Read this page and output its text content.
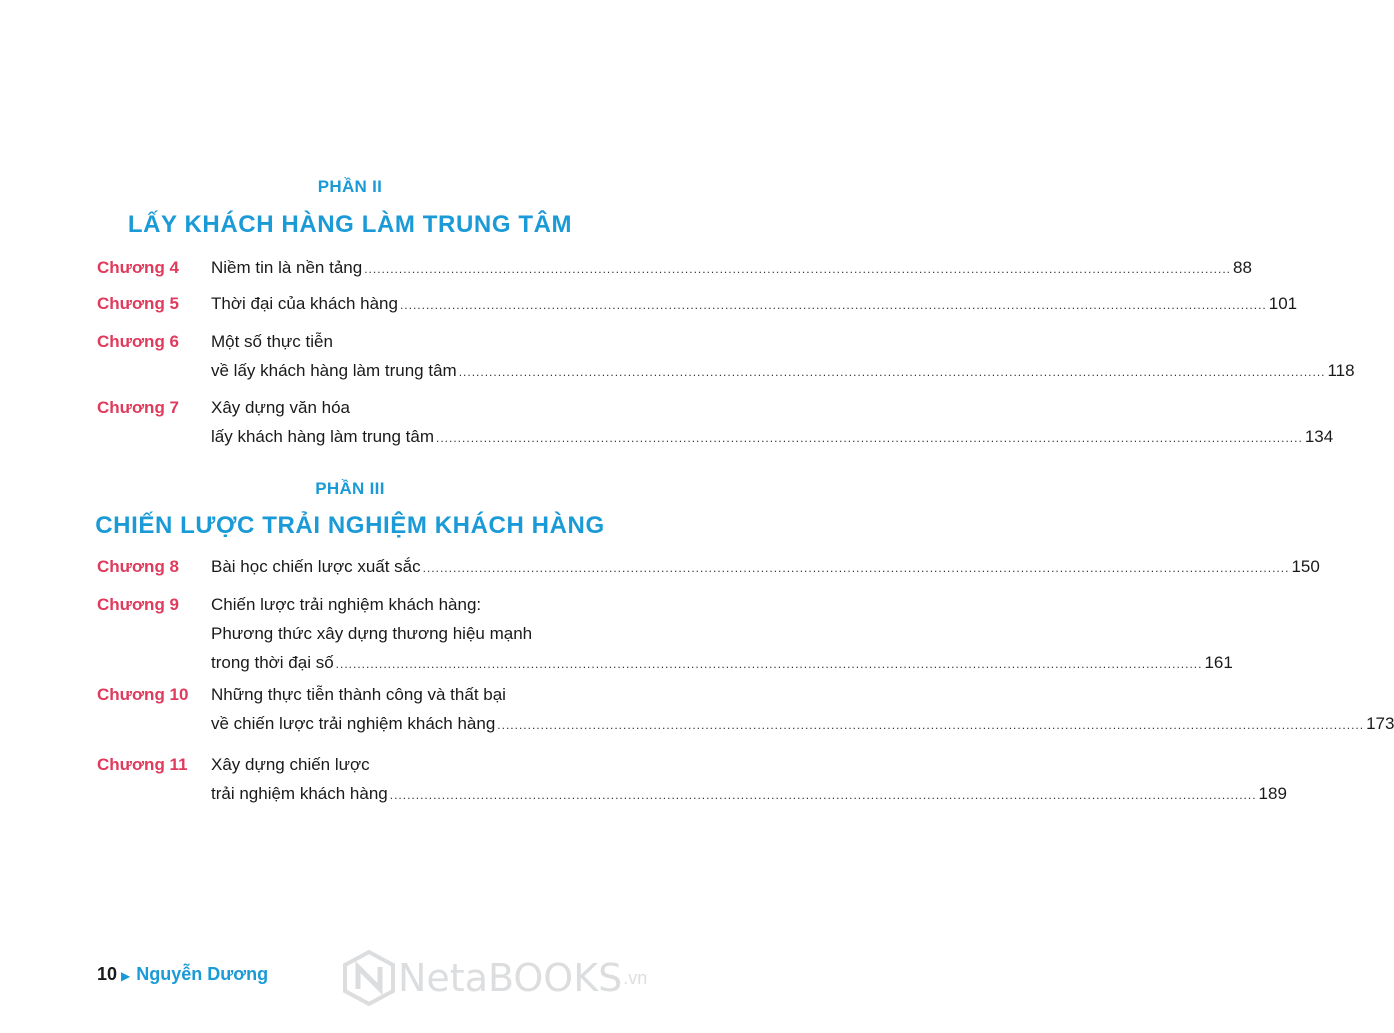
PHẦN II
LẤY KHÁCH HÀNG LÀM TRUNG TÂM
Chương 4 Niềm tin là nền tảng ........................................................................................................................................................................................................ 88
Chương 5 Thời đại của khách hàng ........................................................................................................................................................................................................ 101
Chương 6 Một số thực tiễn
về lấy khách hàng làm trung tâm ........................................................................................................................................................................................................ 118
Chương 7 Xây dựng văn hóa
lấy khách hàng làm trung tâm ........................................................................................................................................................................................................ 134
PHẦN III
CHIẾN LƯỢC TRẢI NGHIỆM KHÁCH HÀNG
Chương 8 Bài học chiến lược xuất sắc ........................................................................................................................................................................................................ 150
Chương 9 Chiến lược trải nghiệm khách hàng:
Phương thức xây dựng thương hiệu mạnh
trong thời đại số ........................................................................................................................................................................................................ 161
Chương 10 Những thực tiễn thành công và thất bại
về chiến lược trải nghiệm khách hàng ........................................................................................................................................................................................................ 173
Chương 11 Xây dựng chiến lược
trải nghiệm khách hàng ........................................................................................................................................................................................................ 189
10 ▶ Nguyễn Dương	NetaBOOKS .vn
